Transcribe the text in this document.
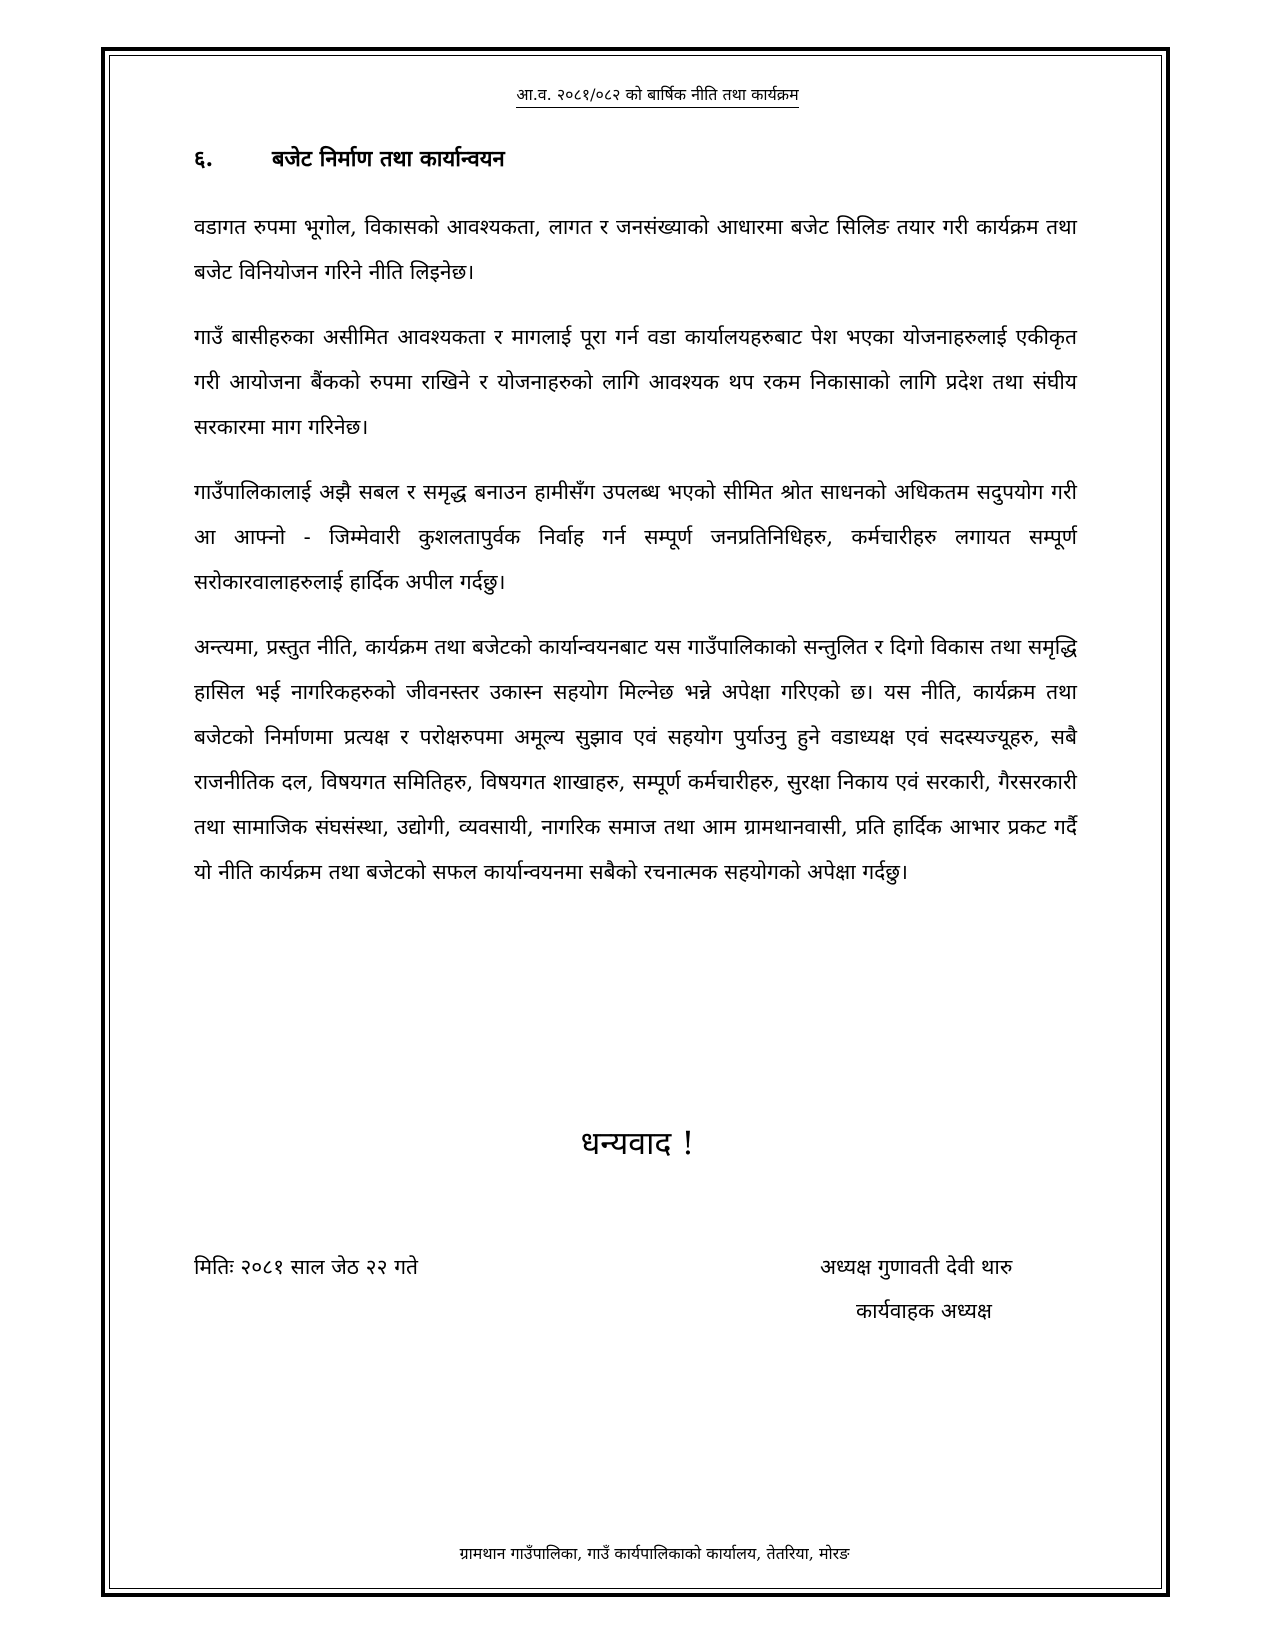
आ.व. २०८१/०८२ को बार्षिक नीति तथा कार्यक्रम
६.	बजेट निर्माण तथा कार्यान्वयन

वडागत रुपमा भूगोल, विकासको आवश्यकता, लागत र जनसंख्याको आधारमा बजेट सिलिङ तयार गरी कार्यक्रम तथा बजेट विनियोजन गरिने नीति लिइनेछ।

गाउँ बासीहरुका असीमित आवश्यकता र मागलाई पूरा गर्न वडा कार्यालयहरुबाट पेश भएका योजनाहरुलाई एकीकृत गरी आयोजना बैंकको रुपमा राखिने र योजनाहरुको लागि आवश्यक थप रकम निकासाको लागि प्रदेश तथा संघीय सरकारमा माग गरिनेछ।

गाउँपालिकालाई अझै सबल र समृद्ध बनाउन हामीसँग उपलब्ध भएको सीमित श्रोत साधनको अधिकतम सदुपयोग गरी आ आफ्नो - जिम्मेवारी कुशलतापुर्वक निर्वाह गर्न सम्पूर्ण जनप्रतिनिधिहरु, कर्मचारीहरु लगायत सम्पूर्ण सरोकारवालाहरुलाई हार्दिक अपील गर्दछु।

अन्त्यमा, प्रस्तुत नीति, कार्यक्रम तथा बजेटको कार्यान्वयनबाट यस गाउँपालिकाको सन्तुलित र दिगो विकास तथा समृद्धि हासिल भई नागरिकहरुको जीवनस्तर उकास्न सहयोग मिल्नेछ भन्ने अपेक्षा गरिएको छ। यस नीति, कार्यक्रम तथा बजेटको निर्माणमा प्रत्यक्ष र परोक्षरुपमा अमूल्य सुझाव एवं सहयोग पुर्याउनु हुने वडाध्यक्ष एवं सदस्यज्यूहरु, सबै राजनीतिक दल, विषयगत समितिहरु, विषयगत शाखाहरु, सम्पूर्ण कर्मचारीहरु, सुरक्षा निकाय एवं सरकारी, गैरसरकारी तथा सामाजिक संघसंस्था, उद्योगी, व्यवसायी, नागरिक समाज तथा आम ग्रामथानवासी, प्रति हार्दिक आभार प्रकट गर्दै यो नीति कार्यक्रम तथा बजेटको सफल कार्यान्वयनमा सबैको रचनात्मक सहयोगको अपेक्षा गर्दछु।

धन्यवाद !
मितिः २०८१ साल जेठ २२ गते	अध्यक्ष गुणावती देवी थारु
कार्यवाहक अध्यक्ष
ग्रामथान गाउँपालिका, गाउँ कार्यपालिकाको कार्यालय, तेतरिया, मोरङ
